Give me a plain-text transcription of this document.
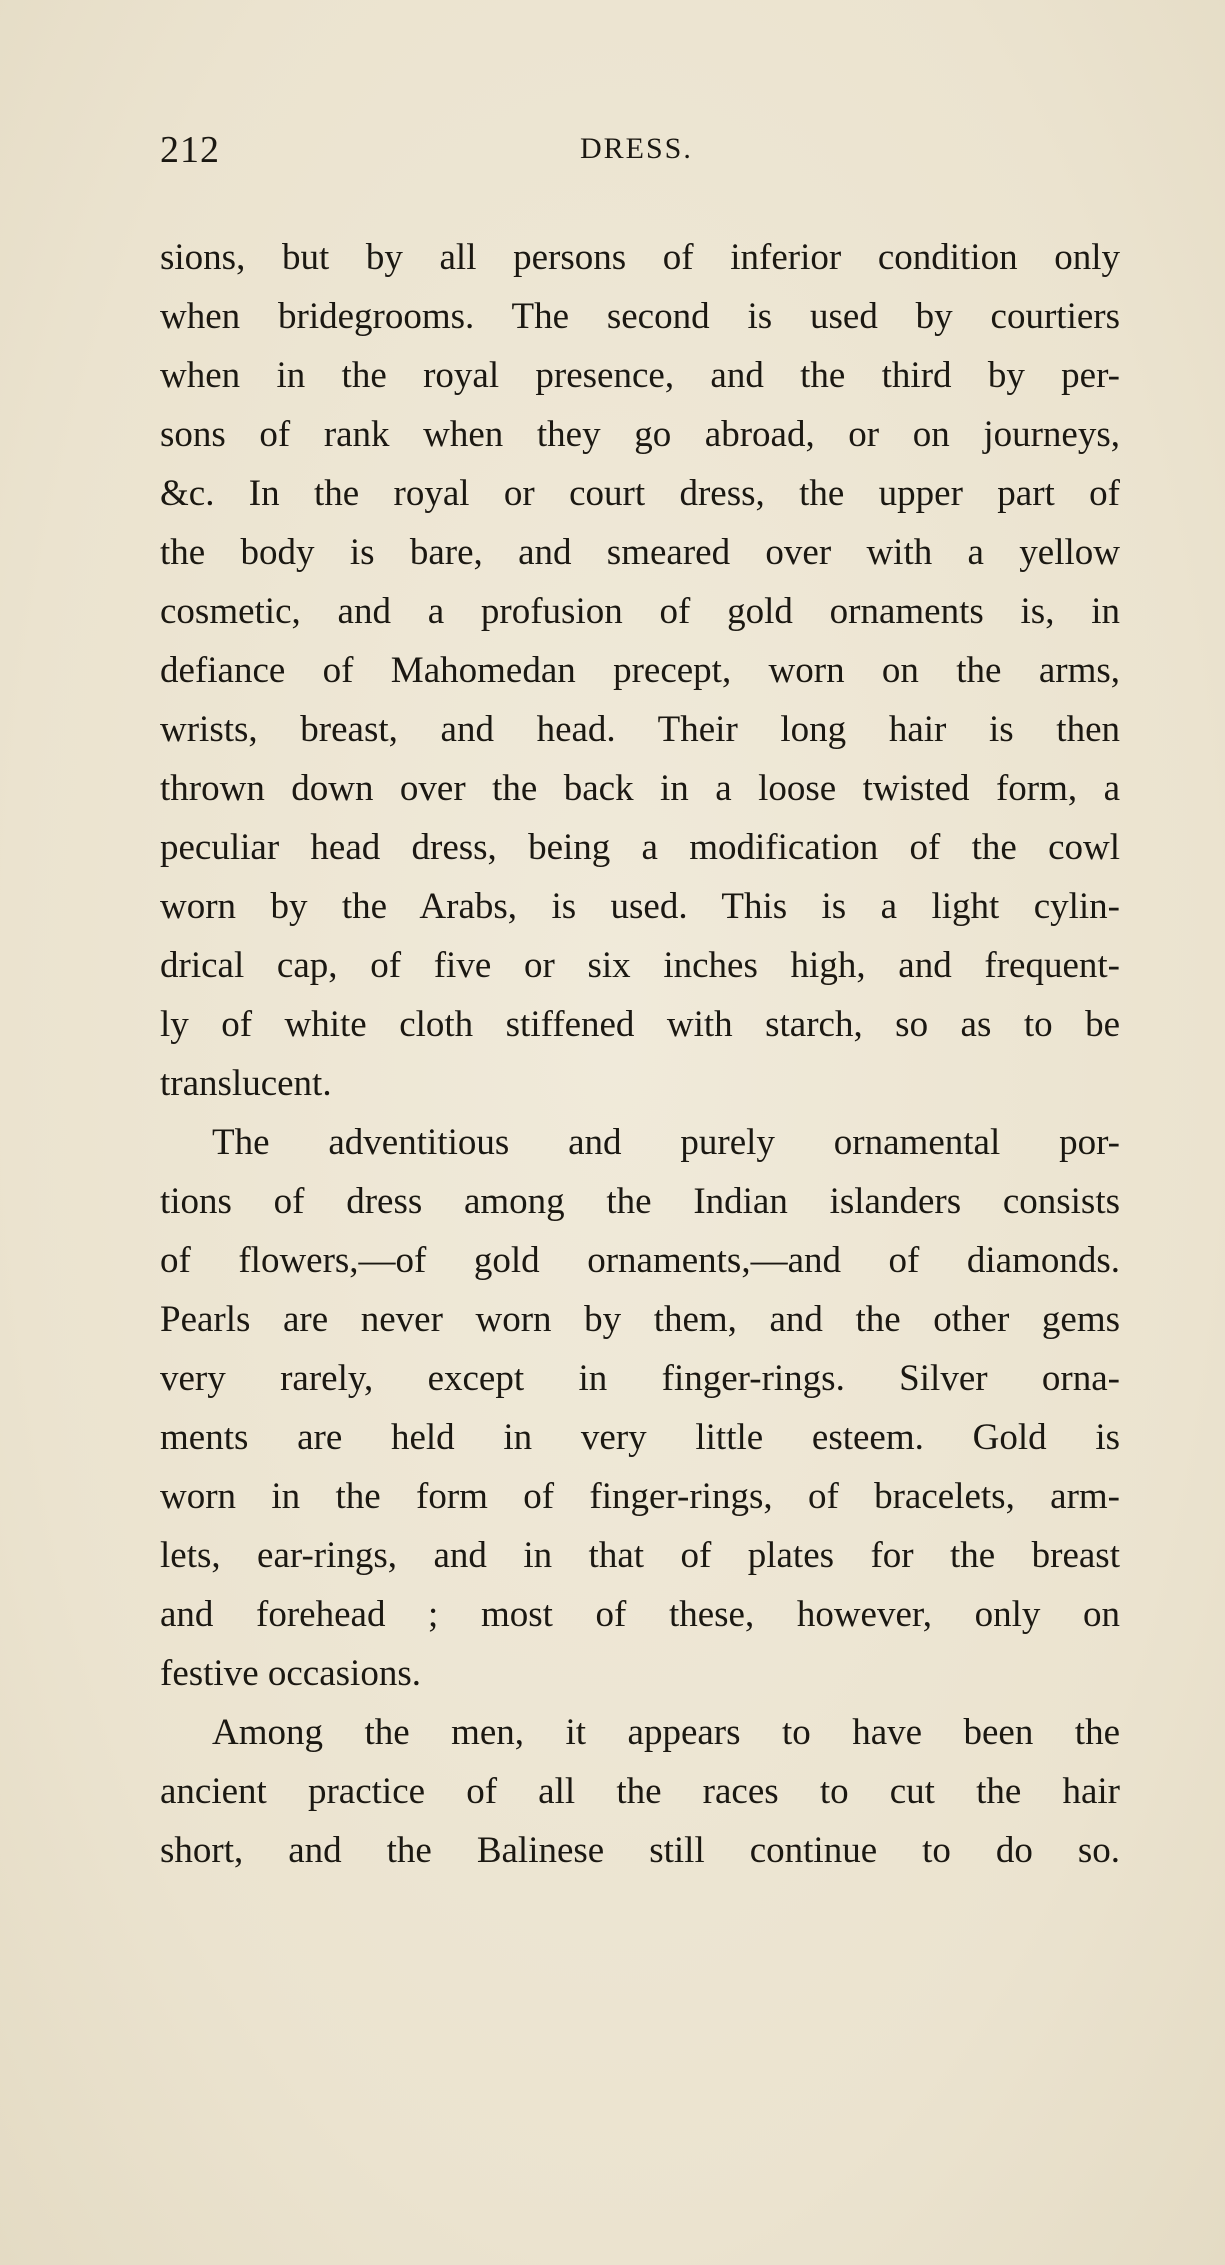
212	DRESS.
sions, but by all persons of inferior condition only
when bridegrooms. The second is used by courtiers
when in the royal presence, and the third by per-
sons of rank when they go abroad, or on journeys,
&c. In the royal or court dress, the upper part of
the body is bare, and smeared over with a yellow
cosmetic, and a profusion of gold ornaments is, in
defiance of Mahomedan precept, worn on the arms,
wrists, breast, and head. Their long hair is then
thrown down over the back in a loose twisted form, a
peculiar head dress, being a modification of the cowl
worn by the Arabs, is used. This is a light cylin-
drical cap, of five or six inches high, and frequent-
ly of white cloth stiffened with starch, so as to be
translucent.
The adventitious and purely ornamental por-
tions of dress among the Indian islanders consists
of flowers,—of gold ornaments,—and of diamonds.
Pearls are never worn by them, and the other gems
very rarely, except in finger-rings. Silver orna-
ments are held in very little esteem. Gold is
worn in the form of finger-rings, of bracelets, arm-
lets, ear-rings, and in that of plates for the breast
and forehead ; most of these, however, only on
festive occasions.
Among the men, it appears to have been the
ancient practice of all the races to cut the hair
short, and the Balinese still continue to do so.
